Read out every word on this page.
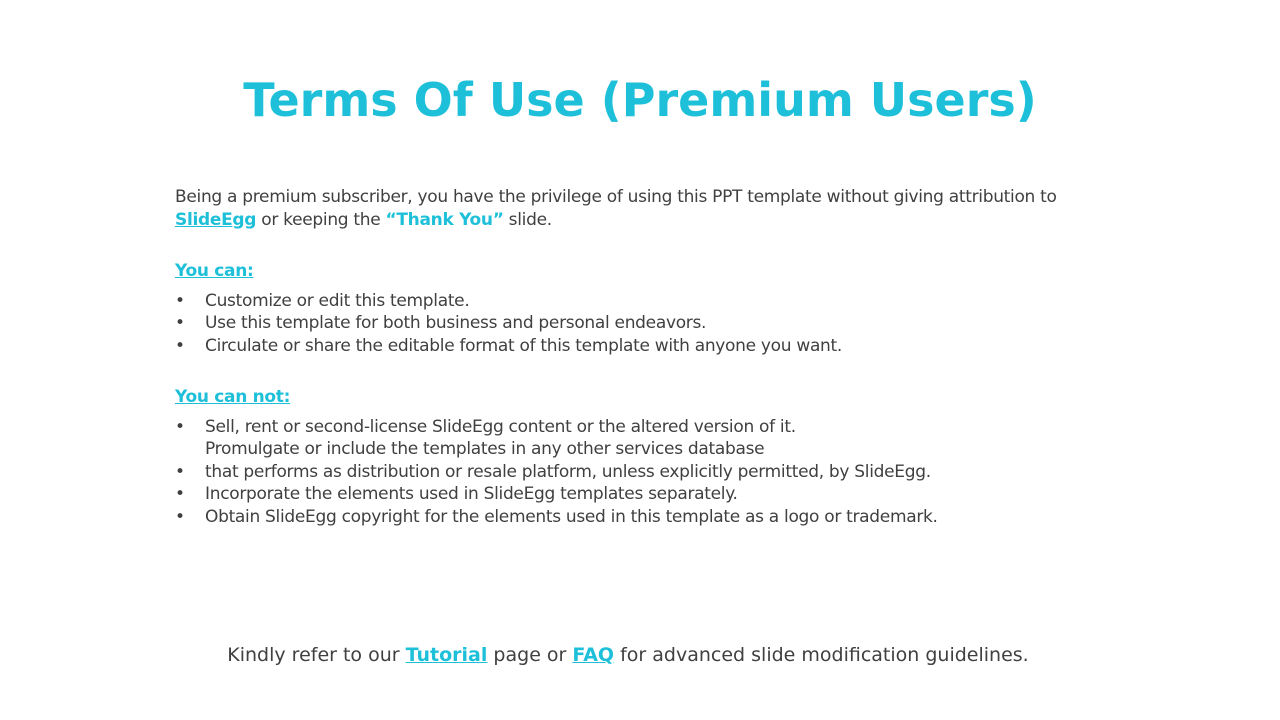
Terms Of Use (Premium Users)

Being a premium subscriber, you have the privilege of using this PPT template without giving attribution to SlideEgg or keeping the “Thank You” slide.

You can:

• Customize or edit this template.
• Use this template for both business and personal endeavors.
• Circulate or share the editable format of this template with anyone you want.

You can not:

• Sell, rent or second-license SlideEgg content or the altered version of it.
Promulgate or include the templates in any other services database
• that performs as distribution or resale platform, unless explicitly permitted, by SlideEgg.
• Incorporate the elements used in SlideEgg templates separately.
• Obtain SlideEgg copyright for the elements used in this template as a logo or trademark.

Kindly refer to our Tutorial page or FAQ for advanced slide modification guidelines.
